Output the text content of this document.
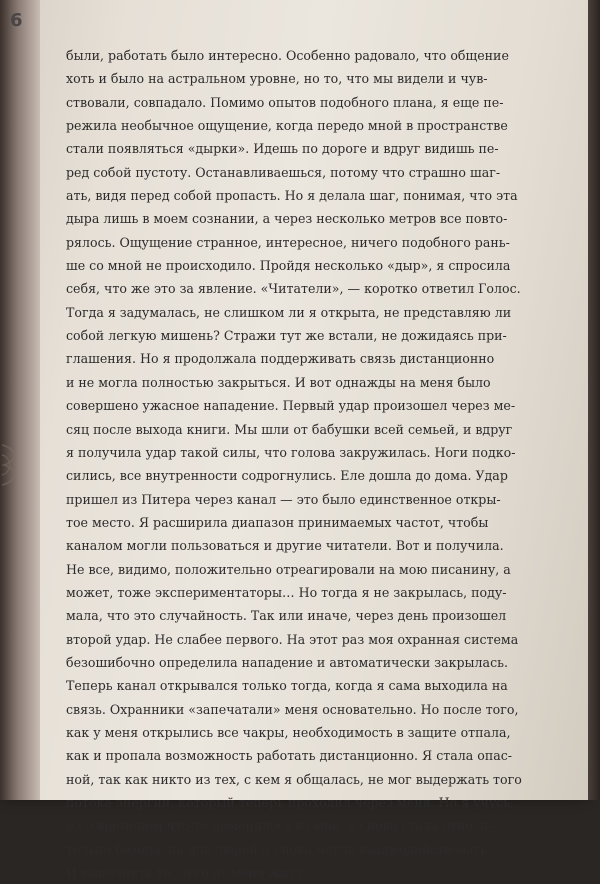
6
были, работать было интересно. Особенно радовало, что общение
хоть и было на астральном уровне, но то, что мы видели и чув-
ствовали, совпадало. Помимо опытов подобного плана, я еще пе-
режила необычное ощущение, когда передо мной в пространстве
стали появляться «дырки». Идешь по дороге и вдруг видишь пе-
ред собой пустоту. Останавливаешься, потому что страшно шаг-
ать, видя перед собой пропасть. Но я делала шаг, понимая, что эта
дыра лишь в моем сознании, а через несколько метров все повто-
рялось. Ощущение странное, интересное, ничего подобного рань-
ше со мной не происходило. Пройдя несколько «дыр», я спросила
себя, что же это за явление. «Читатели», — коротко ответил Голос.
Тогда я задумалась, не слишком ли я открыта, не представляю ли
собой легкую мишень? Стражи тут же встали, не дожидаясь при-
глашения. Но я продолжала поддерживать связь дистанционно
и не могла полностью закрыться. И вот однажды на меня было
совершено ужасное нападение. Первый удар произошел через ме-
сяц после выхода книги. Мы шли от бабушки всей семьей, и вдруг
я получила удар такой силы, что голова закружилась. Ноги подко-
сились, все внутренности содрогнулись. Еле дошла до дома. Удар
пришел из Питера через канал — это было единственное откры-
тое место. Я расширила диапазон принимаемых частот, чтобы
каналом могли пользоваться и другие читатели. Вот и получила.
Не все, видимо, положительно отреагировали на мою писанину, а
может, тоже экспериментаторы… Но тогда я не закрылась, поду-
мала, что это случайность. Так или иначе, через день произошел
второй удар. Не слабее первого. На этот раз моя охранная система
безошибочно определила нападение и автоматически закрылась.
Теперь канал открывался только тогда, когда я сама выходила на
связь. Охранники «запечатали» меня основательно. Но после того,
как у меня открылись все чакры, необходимость в защите отпала,
как и пропала возможность работать дистанционно. Я стала опас-
ной, так как никто из тех, с кем я общалась, не мог выдержать того
потока энергии, который теперь проходил через меня. Но я учусь,
и со временем что-то поменялось во мне, я снова стала относи-
тельно безопасна для людей и снова могла взаимодействовать.
И выполнять то, чего от меня ждут.
